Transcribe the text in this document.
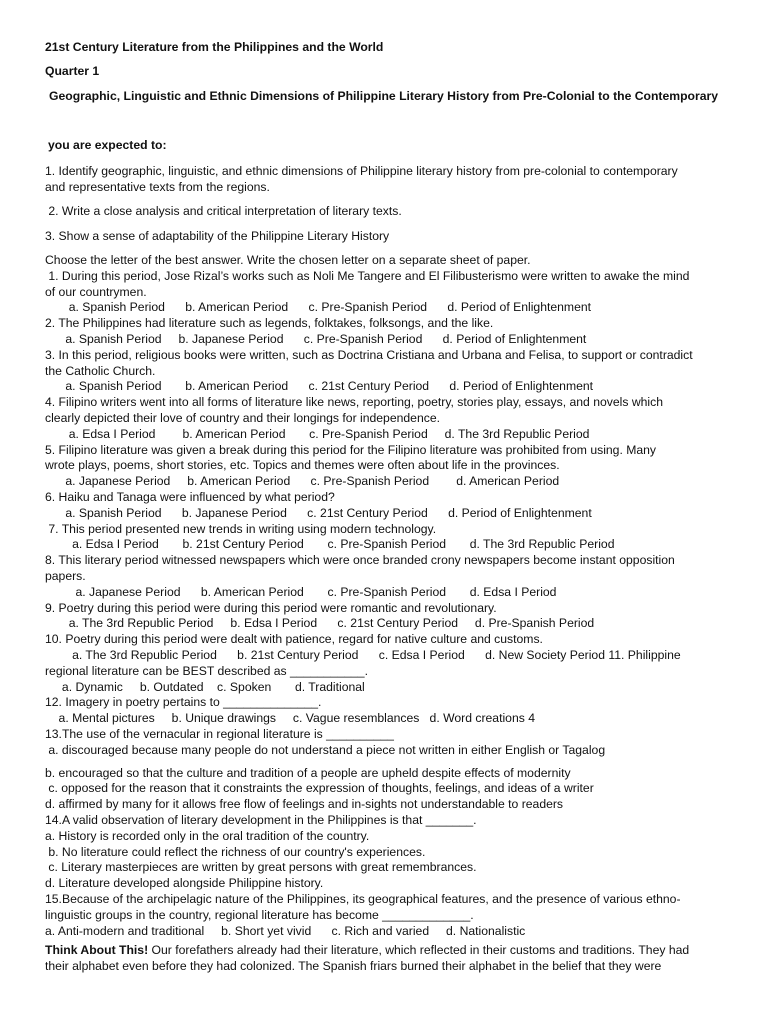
21st Century Literature from the Philippines and the World
Quarter 1
Geographic, Linguistic and Ethnic Dimensions of Philippine Literary History from Pre-Colonial to the Contemporary
you are expected to:
1. Identify geographic, linguistic, and ethnic dimensions of Philippine literary history from pre-colonial to contemporary
and representative texts from the regions.
2. Write a close analysis and critical interpretation of literary texts.
3. Show a sense of adaptability of the Philippine Literary History
Choose the letter of the best answer. Write the chosen letter on a separate sheet of paper.
1. During this period, Jose Rizal’s works such as Noli Me Tangere and El Filibusterismo were written to awake the mind
of our countrymen.
a. Spanish Period      b. American Period      c. Pre-Spanish Period      d. Period of Enlightenment
2. The Philippines had literature such as legends, folktakes, folksongs, and the like.
a. Spanish Period     b. Japanese Period      c. Pre-Spanish Period      d. Period of Enlightenment
3. In this period, religious books were written, such as Doctrina Cristiana and Urbana and Felisa, to support or contradict
the Catholic Church.
a. Spanish Period       b. American Period      c. 21st Century Period      d. Period of Enlightenment
4. Filipino writers went into all forms of literature like news, reporting, poetry, stories play, essays, and novels which
clearly depicted their love of country and their longings for independence.
a. Edsa I Period        b. American Period       c. Pre-Spanish Period     d. The 3rd Republic Period
5. Filipino literature was given a break during this period for the Filipino literature was prohibited from using. Many
wrote plays, poems, short stories, etc. Topics and themes were often about life in the provinces.
a. Japanese Period     b. American Period      c. Pre-Spanish Period        d. American Period
6. Haiku and Tanaga were influenced by what period?
a. Spanish Period      b. Japanese Period      c. 21st Century Period      d. Period of Enlightenment
7. This period presented new trends in writing using modern technology.
a. Edsa I Period       b. 21st Century Period       c. Pre-Spanish Period       d. The 3rd Republic Period
8. This literary period witnessed newspapers which were once branded crony newspapers become instant opposition
papers.
a. Japanese Period      b. American Period       c. Pre-Spanish Period       d. Edsa I Period
9. Poetry during this period were during this period were romantic and revolutionary.
a. The 3rd Republic Period     b. Edsa I Period      c. 21st Century Period     d. Pre-Spanish Period
10. Poetry during this period were dealt with patience, regard for native culture and customs.
a. The 3rd Republic Period      b. 21st Century Period      c. Edsa I Period      d. New Society Period 11. Philippine
regional literature can be BEST described as ___________.
a. Dynamic     b. Outdated    c. Spoken       d. Traditional
12. Imagery in poetry pertains to ______________.
a. Mental pictures     b. Unique drawings     c. Vague resemblances   d. Word creations 4
13.The use of the vernacular in regional literature is __________
a. discouraged because many people do not understand a piece not written in either English or Tagalog
b. encouraged so that the culture and tradition of a people are upheld despite effects of modernity
c. opposed for the reason that it constraints the expression of thoughts, feelings, and ideas of a writer
d. affirmed by many for it allows free flow of feelings and in-sights not understandable to readers
14.A valid observation of literary development in the Philippines is that _______.
a. History is recorded only in the oral tradition of the country.
b. No literature could reflect the richness of our country's experiences.
c. Literary masterpieces are written by great persons with great remembrances.
d. Literature developed alongside Philippine history.
15.Because of the archipelagic nature of the Philippines, its geographical features, and the presence of various ethno-
linguistic groups in the country, regional literature has become _____________.
a. Anti-modern and traditional     b. Short yet vivid      c. Rich and varied     d. Nationalistic
Think About This! Our forefathers already had their literature, which reflected in their customs and traditions. They had
their alphabet even before they had colonized. The Spanish friars burned their alphabet in the belief that they were
